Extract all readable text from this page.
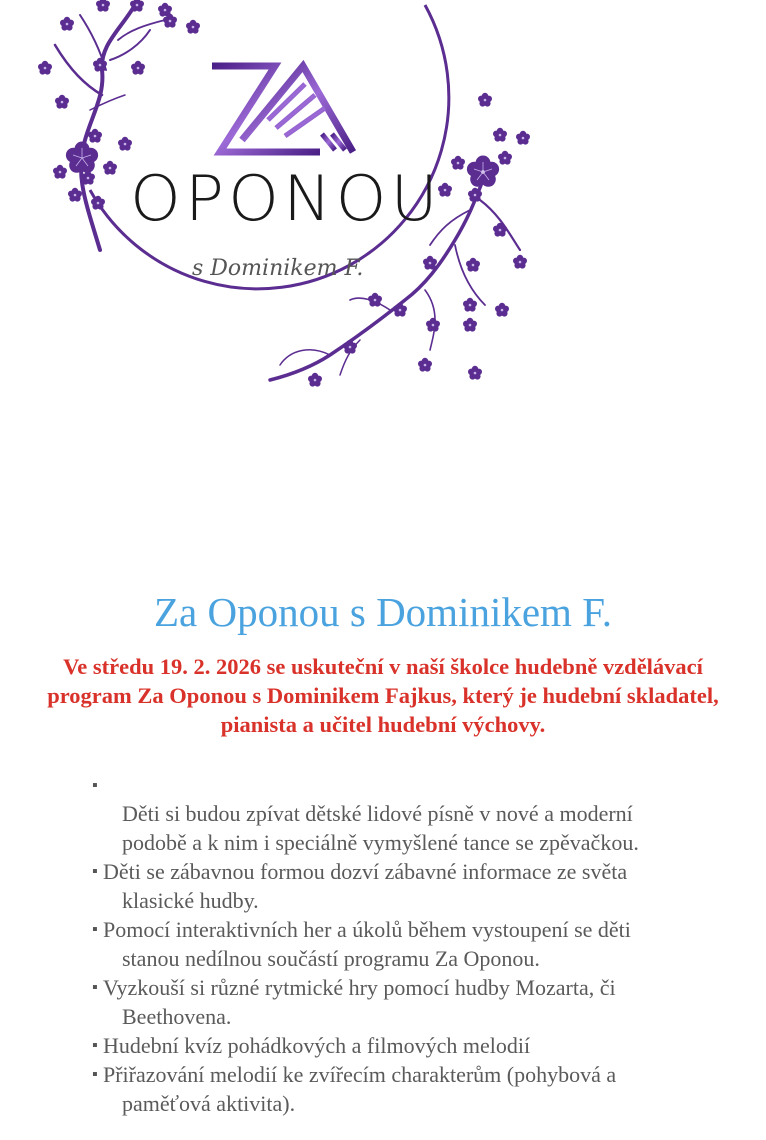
OPONOU
s Dominikem F.
Za Oponou s Dominikem F.

Ve středu 19. 2. 2026 se uskuteční v naší školce hudebně vzdělávací program Za Oponou s Dominikem Fajkus, který je hudební skladatel, pianista a učitel hudební výchovy.

▪
Děti si budou zpívat dětské lidové písně v nové a moderní
podobě a k nim i speciálně vymyšlené tance se zpěvačkou.
▪ Děti se zábavnou formou dozví zábavné informace ze světa
klasické hudby.
▪ Pomocí interaktivních her a úkolů během vystoupení se děti
stanou nedílnou součástí programu Za Oponou.
▪ Vyzkouší si různé rytmické hry pomocí hudby Mozarta, či
Beethovena.
▪ Hudební kvíz pohádkových a filmových melodií
▪ Přiřazování melodií ke zvířecím charakterům (pohybová a
paměťová aktivita).
